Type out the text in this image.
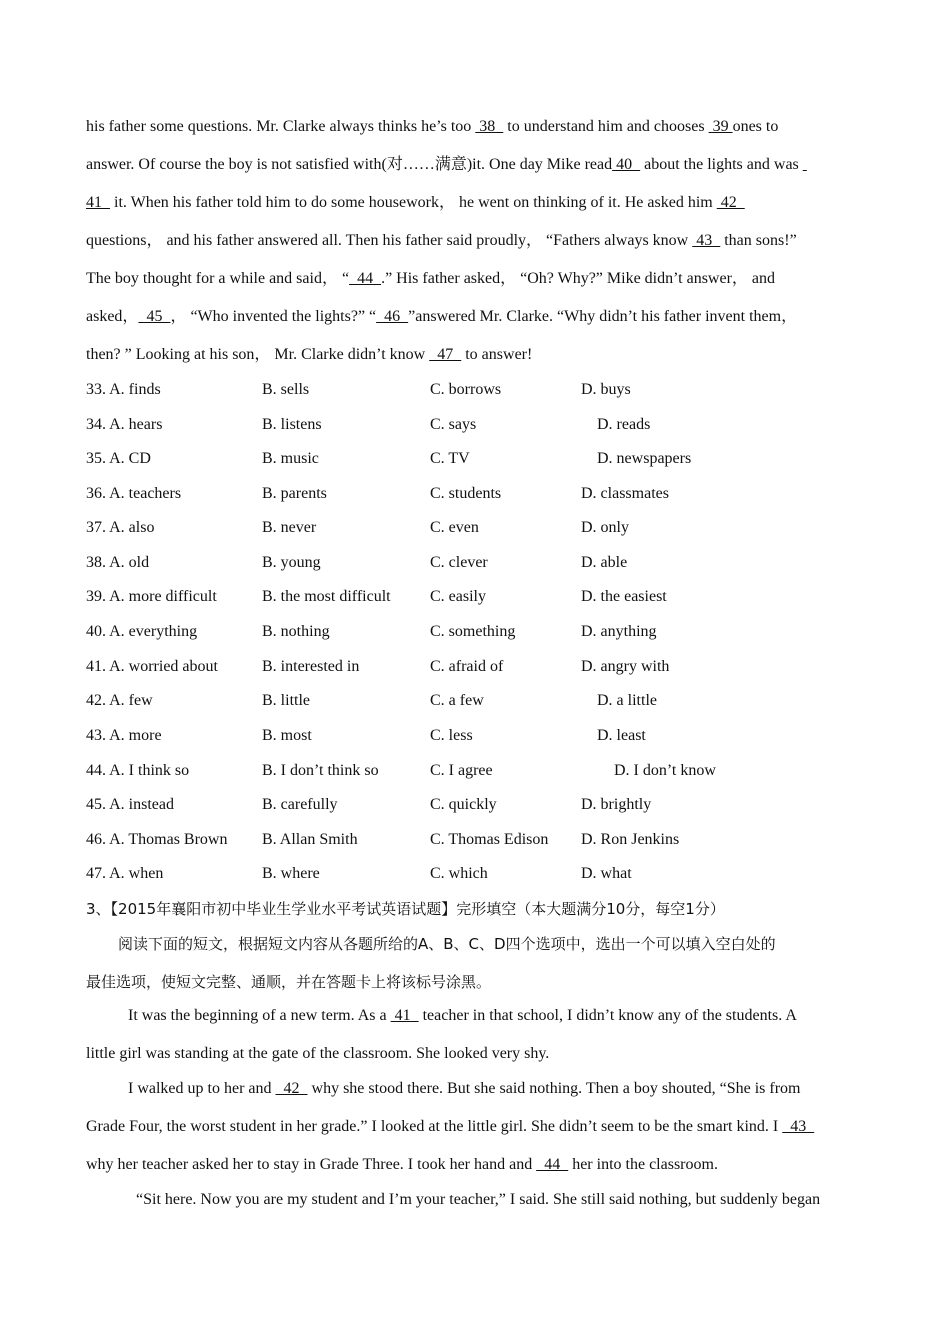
his father some questions. Mr. Clarke always thinks he’s too  38   to understand him and chooses  39 ones to
answer. Of course the boy is not satisfied with(对……满意)it. One day Mike read 40   about the lights and was
41   it. When his father told him to do some housework， he went on thinking of it. He asked him  42
questions， and his father answered all. Then his father said proudly， “Fathers always know  43   than sons!”
The boy thought for a while and said， “  44  .” His father asked， “Oh? Why?” Mike didn’t answer， and
asked，  45  ， “Who invented the lights?” “  46  ”answered Mr. Clarke. “Why didn’t his father invent them，
then? ” Looking at his son， Mr. Clarke didn’t know   47   to answer!
33. A. finds	B. sells	C. borrows	D. buys
34. A. hears	B. listens	C. says	D. reads
35. A. CD	B. music	C. TV	D. newspapers
36. A. teachers	B. parents	C. students	D. classmates
37. A. also	B. never	C. even	D. only
38. A. old	B. young	C. clever	D. able
39. A. more difficult	B. the most difficult C. easily	D. the easiest
40. A. everything	B. nothing	C. something	D. anything
41. A. worried about	B. interested in	C. afraid of	D. angry with
42. A. few	B. little	C. a few	D. a little
43. A. more	B. most	C. less	D. least
44. A. I think so	B. I don’t think so	C. I agree	D. I don’t know
45. A. instead	B. carefully	C. quickly	D. brightly
46. A. Thomas Brown B. Allan Smith	C. Thomas Edison D. Ron Jenkins
47. A. when	B. where	C. which	D. what
3、【2015年襄阳市初中毕业生学业水平考试英语试题】完形填空（本大题满分10分，每空1分）
阅读下面的短文，根据短文内容从各题所给的A、B、C、D四个选项中，选出一个可以填入空白处的
最佳选项，使短文完整、通顺，并在答题卡上将该标号涂黑。
It was the beginning of a new term. As a  41   teacher in that school, I didn’t know any of the students. A
little girl was standing at the gate of the classroom. She looked very shy.
I walked up to her and   42   why she stood there. But she said nothing. Then a boy shouted, “She is from
Grade Four, the worst student in her grade.” I looked at the little girl. She didn’t seem to be the smart kind. I   43
why her teacher asked her to stay in Grade Three. I took her hand and   44   her into the classroom.
“Sit here. Now you are my student and I’m your teacher,” I said. She still said nothing, but suddenly began
